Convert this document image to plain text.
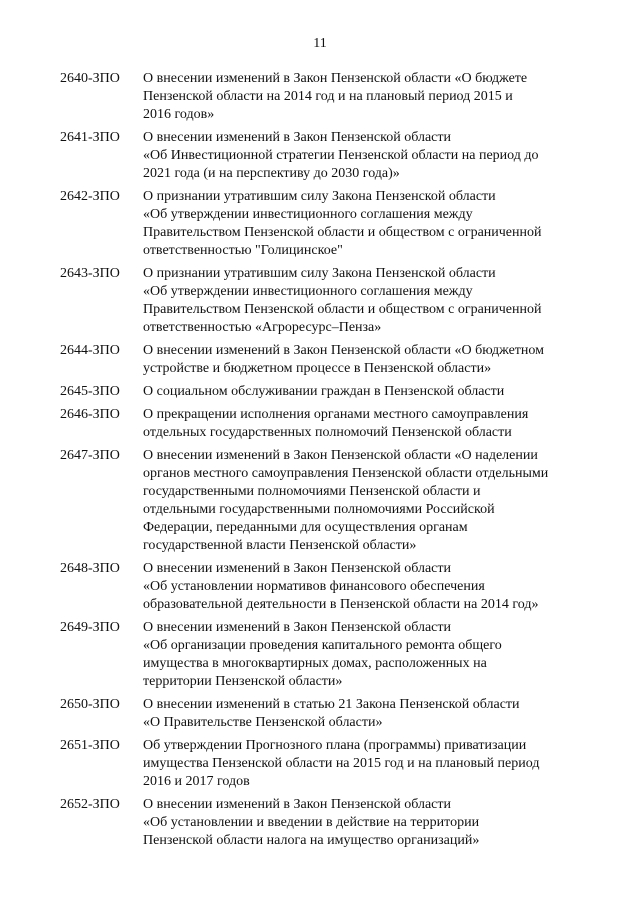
11
2640-ЗПО	О внесении изменений в Закон Пензенской области «О бюджете
Пензенской области на 2014 год и на плановый период 2015 и
2016 годов»
2641-ЗПО	О внесении изменений в Закон Пензенской области
«Об Инвестиционной стратегии Пензенской области на период до
2021 года (и на перспективу до 2030 года)»
2642-ЗПО	О признании утратившим силу Закона Пензенской области
«Об утверждении инвестиционного соглашения между
Правительством Пензенской области и обществом с ограниченной
ответственностью "Голицинское"
2643-ЗПО	О признании утратившим силу Закона Пензенской области
«Об утверждении инвестиционного соглашения между
Правительством Пензенской области и обществом с ограниченной
ответственностью «Агроресурс–Пенза»
2644-ЗПО	О внесении изменений в Закон Пензенской области «О бюджетном
устройстве и бюджетном процессе в Пензенской области»
2645-ЗПО	О социальном обслуживании граждан в Пензенской области
2646-ЗПО	О прекращении исполнения органами местного самоуправления
отдельных государственных полномочий Пензенской области
2647-ЗПО	О внесении изменений в Закон Пензенской области «О наделении
органов местного самоуправления Пензенской области отдельными
государственными полномочиями Пензенской области и
отдельными государственными полномочиями Российской
Федерации, переданными для осуществления органам
государственной власти Пензенской области»
2648-ЗПО	О внесении изменений в Закон Пензенской области
«Об установлении нормативов финансового обеспечения
образовательной деятельности в Пензенской области на 2014 год»
2649-ЗПО	О внесении изменений в Закон Пензенской области
«Об организации проведения капитального ремонта общего
имущества в многоквартирных домах, расположенных на
территории Пензенской области»
2650-ЗПО	О внесении изменений в статью 21 Закона Пензенской области
«О Правительстве Пензенской области»
2651-ЗПО	Об утверждении Прогнозного плана (программы) приватизации
имущества Пензенской области на 2015 год и на плановый период
2016 и 2017 годов
2652-ЗПО	О внесении изменений в Закон Пензенской области
«Об установлении и введении в действие на территории
Пензенской области налога на имущество организаций»
